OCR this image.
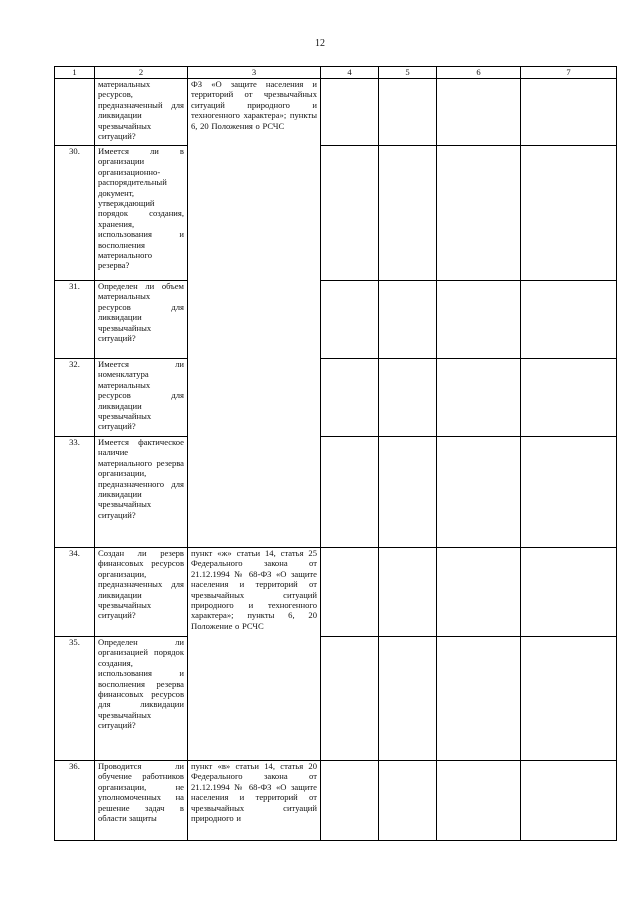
12
1	2	3	4	5	6	7
	материальных ресурсов, предназначенный для ликвидации чрезвычайных ситуаций?	ФЗ «О защите населения и территорий от чрезвычайных ситуаций природного и техногенного характера»; пункты 6, 20 Положения о РСЧС				
30.	Имеется ли в организации организационно-распорядительный документ, утверждающий порядок создания, хранения, использования и восполнения материального резерва?					
31.	Определен ли объем материальных ресурсов для ликвидации чрезвычайных ситуаций?					
32.	Имеется ли номенклатура материальных ресурсов для ликвидации чрезвычайных ситуаций?					
33.	Имеется фактическое наличие материального резерва организации, предназначенного для ликвидации чрезвычайных ситуаций?					
34.	Создан ли резерв финансовых ресурсов организации, предназначенных для ликвидации чрезвычайных ситуаций?	пункт «ж» статьи 14, статья 25 Федерального закона от 21.12.1994 № 68-ФЗ «О защите населения и территорий от чрезвычайных ситуаций природного и техногенного характера»; пункты 6, 20 Положение о РСЧС				
35.	Определен ли организацией порядок создания, использования и восполнения резерва финансовых ресурсов для ликвидации чрезвычайных ситуаций?					
36.	Проводится ли обучение работников организации, не уполномоченных на решение задач в области защиты	пункт «в» статьи 14, статья 20 Федерального закона от 21.12.1994 № 68-ФЗ «О защите населения и территорий от чрезвычайных ситуаций природного и				
